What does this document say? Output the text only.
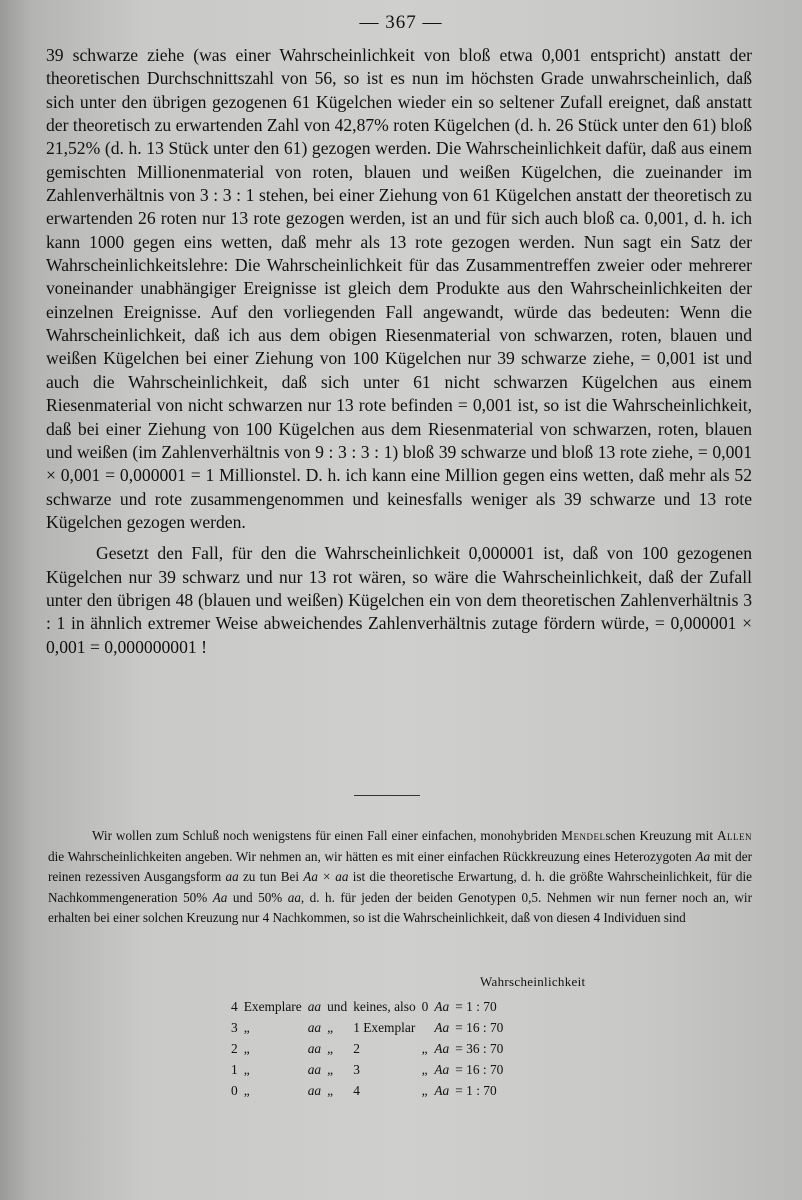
— 367 —

39 schwarze ziehe (was einer Wahrscheinlichkeit von bloß etwa 0,001 entspricht) anstatt der theoretischen Durchschnittszahl von 56, so ist es nun im höchsten Grade unwahrscheinlich, daß sich unter den übrigen gezogenen 61 Kügelchen wieder ein so seltener Zufall ereignet, daß anstatt der theoretisch zu erwartenden Zahl von 42,87% roten Kügelchen (d. h. 26 Stück unter den 61) bloß 21,52% (d. h. 13 Stück unter den 61) gezogen werden. Die Wahrscheinlichkeit dafür, daß aus einem gemischten Millionenmaterial von roten, blauen und weißen Kügelchen, die zueinander im Zahlenverhältnis von 3 : 3 : 1 stehen, bei einer Ziehung von 61 Kügelchen anstatt der theoretisch zu erwartenden 26 roten nur 13 rote gezogen werden, ist an und für sich auch bloß ca. 0,001, d. h. ich kann 1000 gegen eins wetten, daß mehr als 13 rote gezogen werden. Nun sagt ein Satz der Wahrscheinlichkeitslehre: Die Wahrscheinlichkeit für das Zusammentreffen zweier oder mehrerer voneinander unabhängiger Ereignisse ist gleich dem Produkte aus den Wahrscheinlichkeiten der einzelnen Ereignisse. Auf den vorliegenden Fall angewandt, würde das bedeuten: Wenn die Wahrscheinlichkeit, daß ich aus dem obigen Riesenmaterial von schwarzen, roten, blauen und weißen Kügelchen bei einer Ziehung von 100 Kügelchen nur 39 schwarze ziehe, = 0,001 ist und auch die Wahrscheinlichkeit, daß sich unter 61 nicht schwarzen Kügelchen aus einem Riesenmaterial von nicht schwarzen nur 13 rote befinden = 0,001 ist, so ist die Wahrscheinlichkeit, daß bei einer Ziehung von 100 Kügelchen aus dem Riesenmaterial von schwarzen, roten, blauen und weißen (im Zahlenverhältnis von 9 : 3 : 3 : 1) bloß 39 schwarze und bloß 13 rote ziehe, = 0,001 × 0,001 = 0,000001 = 1 Millionstel. D. h. ich kann eine Million gegen eins wetten, daß mehr als 52 schwarze und rote zusammengenommen und keinesfalls weniger als 39 schwarze und 13 rote Kügelchen gezogen werden.

Gesetzt den Fall, für den die Wahrscheinlichkeit 0,000001 ist, daß von 100 gezogenen Kügelchen nur 39 schwarz und nur 13 rot wären, so wäre die Wahrscheinlichkeit, daß der Zufall unter den übrigen 48 (blauen und weißen) Kügelchen ein von dem theoretischen Zahlenverhältnis 3 : 1 in ähnlich extremer Weise abweichendes Zahlenverhältnis zutage fördern würde, = 0,000001 × 0,001 = 0,000000001 !

Wir wollen zum Schluß noch wenigstens für einen Fall einer einfachen, monohybriden Mendelschen Kreuzung mit Allen die Wahrscheinlichkeiten angeben. Wir nehmen an, wir hätten es mit einer einfachen Rückkreuzung eines Heterozygoten Aa mit der reinen rezessiven Ausgangsform aa zu tun Bei Aa × aa ist die theoretische Erwartung, d. h. die größte Wahrscheinlichkeit, für die Nachkommengeneration 50% Aa und 50% aa, d. h. für jeden der beiden Genotypen 0,5. Nehmen wir nun ferner noch an, wir erhalten bei einer solchen Kreuzung nur 4 Nachkommen, so ist die Wahrscheinlichkeit, daß von diesen 4 Individuen sind

Wahrscheinlichkeit
4	Exemplare	aa	und	keines, also	0	Aa	= 1 : 70
3	„	aa	„	1 Exemplar		Aa	= 16 : 70
2	„	aa	„	2	„	Aa	= 36 : 70
1	„	aa	„	3	„	Aa	= 16 : 70
0	„	aa	„	4	„	Aa	= 1 : 70
